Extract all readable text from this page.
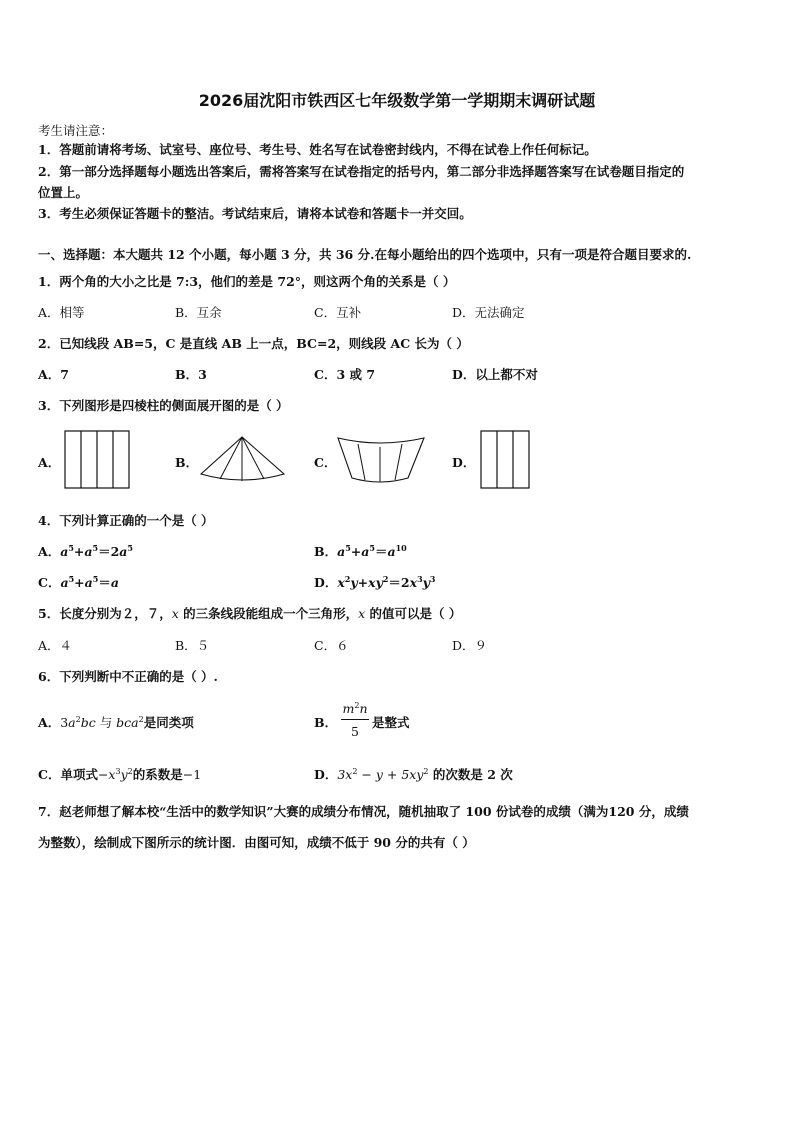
2026届沈阳市铁西区七年级数学第一学期期末调研试题
考生请注意：
1．答题前请将考场、试室号、座位号、考生号、姓名写在试卷密封线内，不得在试卷上作任何标记。
2．第一部分选择题每小题选出答案后，需将答案写在试卷指定的括号内，第二部分非选择题答案写在试卷题目指定的
位置上。
3．考生必须保证答题卡的整洁。考试结束后，请将本试卷和答题卡一并交回。
一、选择题：本大题共 12 个小题，每小题 3 分，共 36 分.在每小题给出的四个选项中，只有一项是符合题目要求的.
1．两个角的大小之比是 7:3，他们的差是 72°，则这两个角的关系是（ ）
A．相等	B．互余	C．互补	D．无法确定
2．已知线段 AB=5，C 是直线 AB 上一点，BC=2，则线段 AC 长为（ ）
A．7	B．3	C．3 或 7	D．以上都不对
3．下列图形是四棱柱的侧面展开图的是（ ）
A．	B．	C．	D．
4．下列计算正确的一个是（ ）
A．$a^5+a^5=2a^5$	B．$a^5+a^5=a^{10}$
C．$a^5+a^5=a$	D．$x^2y+xy^2=2x^3y^3$
5．长度分别为２，７，x 的三条线段能组成一个三角形，x 的值可以是（ ）
A．４	B．５	C．６	D．９
6．下列判断中不正确的是（ ）.
A．$3a^2bc$ 与 bca$^2$是同类项	B．
$m^2n$
5
是整式
C．单项式$-x^3y^2$的系数是−1	D．$3x^2 - y + 5xy^2$ 的次数是 2 次
7．赵老师想了解本校“生活中的数学知识”大赛的成绩分布情况，随机抽取了 100 份试卷的成绩（满为120 分，成绩
为整数），绘制成下图所示的统计图．由图可知，成绩不低于 90 分的共有（ ）
